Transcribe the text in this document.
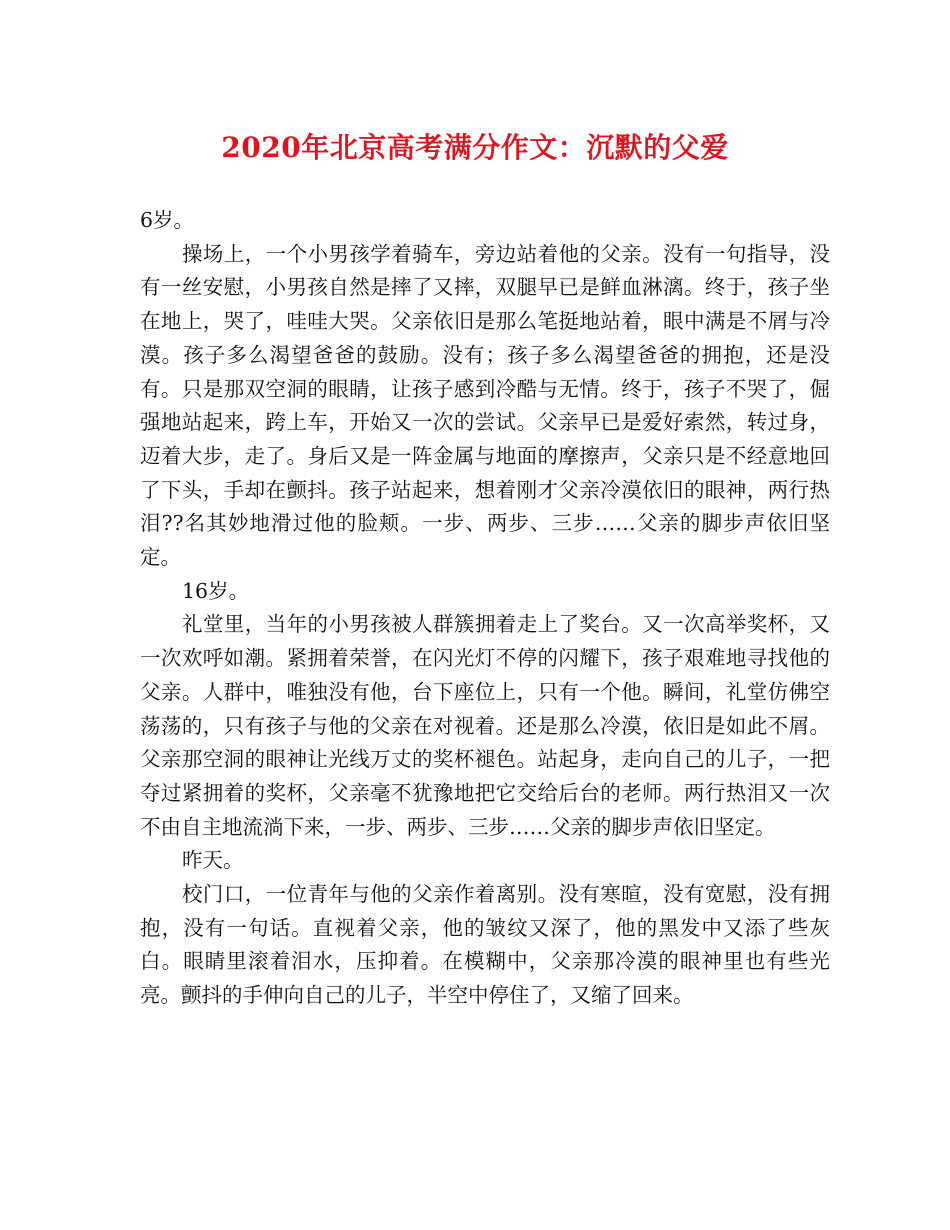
2020年北京高考满分作文：沉默的父爱

6岁。

操场上，一个小男孩学着骑车，旁边站着他的父亲。没有一句指导，没有一丝安慰，小男孩自然是摔了又摔，双腿早已是鲜血淋漓。终于，孩子坐在地上，哭了，哇哇大哭。父亲依旧是那么笔挺地站着，眼中满是不屑与冷漠。孩子多么渴望爸爸的鼓励。没有；孩子多么渴望爸爸的拥抱，还是没有。只是那双空洞的眼睛，让孩子感到冷酷与无情。终于，孩子不哭了，倔强地站起来，跨上车，开始又一次的尝试。父亲早已是爱好索然，转过身，迈着大步，走了。身后又是一阵金属与地面的摩擦声，父亲只是不经意地回了下头，手却在颤抖。孩子站起来，想着刚才父亲冷漠依旧的眼神，两行热泪??名其妙地滑过他的脸颊。一步、两步、三步……父亲的脚步声依旧坚定。

16岁。

礼堂里，当年的小男孩被人群簇拥着走上了奖台。又一次高举奖杯，又一次欢呼如潮。紧拥着荣誉，在闪光灯不停的闪耀下，孩子艰难地寻找他的父亲。人群中，唯独没有他，台下座位上，只有一个他。瞬间，礼堂仿佛空荡荡的，只有孩子与他的父亲在对视着。还是那么冷漠，依旧是如此不屑。父亲那空洞的眼神让光线万丈的奖杯褪色。站起身，走向自己的儿子，一把夺过紧拥着的奖杯，父亲毫不犹豫地把它交给后台的老师。两行热泪又一次不由自主地流淌下来，一步、两步、三步……父亲的脚步声依旧坚定。

昨天。

校门口，一位青年与他的父亲作着离别。没有寒暄，没有宽慰，没有拥抱，没有一句话。直视着父亲，他的皱纹又深了，他的黑发中又添了些灰白。眼睛里滚着泪水，压抑着。在模糊中，父亲那冷漠的眼神里也有些光亮。颤抖的手伸向自己的儿子，半空中停住了，又缩了回来。
